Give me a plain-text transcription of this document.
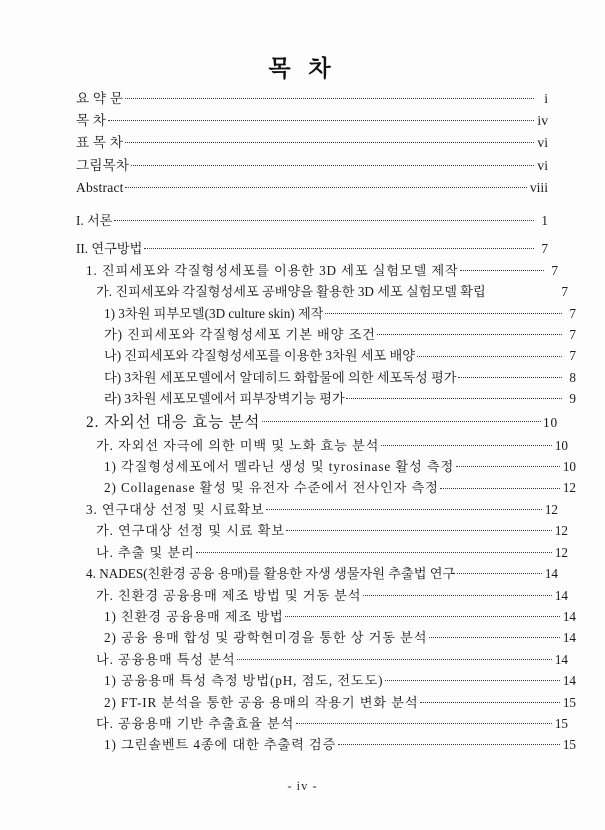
목 차
요 약 문	i
목 차	iv
표 목 차	vi
그림목차	vi
Abstract	viii
I. 서론	1
II. 연구방법	7
1. 진피세포와 각질형성세포를 이용한 3D 세포 실험모델 제작	7
가. 진피세포와 각질형성세포 공배양을 활용한 3D 세포 실험모델 확립	7
1) 3차원 피부모델(3D culture skin) 제작	7
가) 진피세포와 각질형성세포 기본 배양 조건	7
나) 진피세포와 각질형성세포를 이용한 3차원 세포 배양	7
다) 3차원 세포모델에서 알데히드 화합물에 의한 세포독성 평가	8
라) 3차원 세포모델에서 피부장벽기능 평가	9
2. 자외선 대응 효능 분석	10
가. 자외선 자극에 의한 미백 및 노화 효능 분석	10
1) 각질형성세포에서 멜라닌 생성 및 tyrosinase 활성 측정	10
2) Collagenase 활성 및 유전자 수준에서 전사인자 측정	12
3. 연구대상 선정 및 시료확보	12
가. 연구대상 선정 및 시료 확보	12
나. 추출 및 분리	12
4. NADES(친환경 공융 용매)를 활용한 자생 생물자원 추출법 연구	14
가. 친환경 공융용매 제조 방법 및 거동 분석	14
1) 친환경 공융용매 제조 방법	14
2) 공융 용매 합성 및 광학현미경을 통한 상 거동 분석	14
나. 공융용매 특성 분석	14
1) 공융용매 특성 측정 방법(pH, 점도, 전도도)	14
2) FT-IR 분석을 통한 공융 용매의 작용기 변화 분석	15
다. 공융용매 기반 추출효율 분석	15
1) 그린솔벤트 4종에 대한 추출력 검증	15
- iv -
